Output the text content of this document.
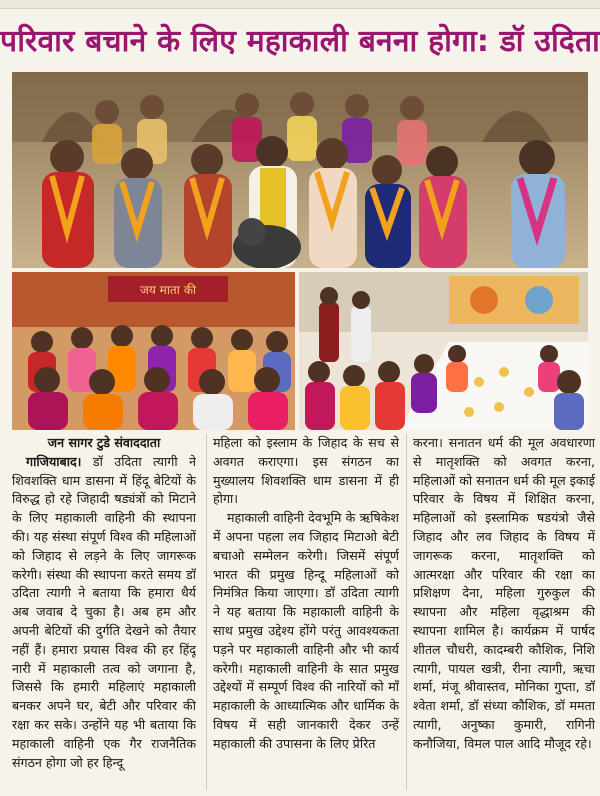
परिवार बचाने के लिए महाकाली बनना होगा: डॉ उदिता
जय माता की

जन सागर टुडे संवाददाता

गाजियाबाद। डॉ उदिता त्यागी ने शिवशक्ति धाम डासना में हिंदू बेटियों के विरुद्ध हो रहे जिहादी षड्यंत्रों को मिटाने के लिए महाकाली वाहिनी की स्थापना की। यह संस्था संपूर्ण विश्व की महिलाओं को जिहाद से लड़ने के लिए जागरूक करेगी। संस्था की स्थापना करते समय डॉ उदिता त्यागी ने बताया कि हमारा धैर्य अब जवाब दे चुका है। अब हम और अपनी बेटियों की दुर्गति देखने को तैयार नहीं हैं। हमारा प्रयास विश्व की हर हिंदू नारी में महाकाली तत्व को जगाना है, जिससे कि हमारी महिलाएं महाकाली बनकर अपने घर, बेटी और परिवार की रक्षा कर सके। उन्होंने यह भी बताया कि महाकाली वाहिनी एक गैर राजनैतिक संगठन होगा जो हर हिन्दू

महिला को इस्लाम के जिहाद के सच से अवगत कराएगा। इस संगठन का मुख्यालय शिवशक्ति धाम डासना में ही होगा।

महाकाली वाहिनी देवभूमि के ऋषिकेश में अपना पहला लव जिहाद मिटाओ बेटी बचाओ सम्मेलन करेगी। जिसमें संपूर्ण भारत की प्रमुख हिन्दू महिलाओं को निमंत्रित किया जाएगा। डॉ उदिता त्यागी ने यह बताया कि महाकाली वाहिनी के साथ प्रमुख उद्देश्य होंगे परंतु आवश्यकता पड़ने पर महाकाली वाहिनी और भी कार्य करेगी। महाकाली वाहिनी के सात प्रमुख उद्देश्यों में सम्पूर्ण विश्व की नारियों को माँ महाकाली के आध्यात्मिक और धार्मिक के विषय में सही जानकारी देकर उन्हें महाकाली की उपासना के लिए प्रेरित

करना। सनातन धर्म की मूल अवधारणा से मातृशक्ति को अवगत करना, महिलाओं को सनातन धर्म की मूल इकाई परिवार के विषय में शिक्षित करना, महिलाओं को इस्लामिक षडयंत्रो जैसे जिहाद और लव जिहाद के विषय में जागरूक करना, मातृशक्ति को आत्मरक्षा और परिवार की रक्षा का प्रशिक्षण देना, महिला गुरुकुल की स्थापना और महिला वृद्धाश्रम की स्थापना शामिल है। कार्यक्रम में पार्षद शीतल चौधरी, कादम्बरी कौशिक, निशि त्यागी, पायल खत्री, रीना त्यागी, ऋचा शर्मा, मंजू श्रीवास्तव, मोनिका गुप्ता, डॉ श्वेता शर्मा, डॉ संध्या कौशिक, डॉ ममता त्यागी, अनुष्का कुमारी, रागिनी कनौजिया, विमल पाल आदि मौजूद रहे।
